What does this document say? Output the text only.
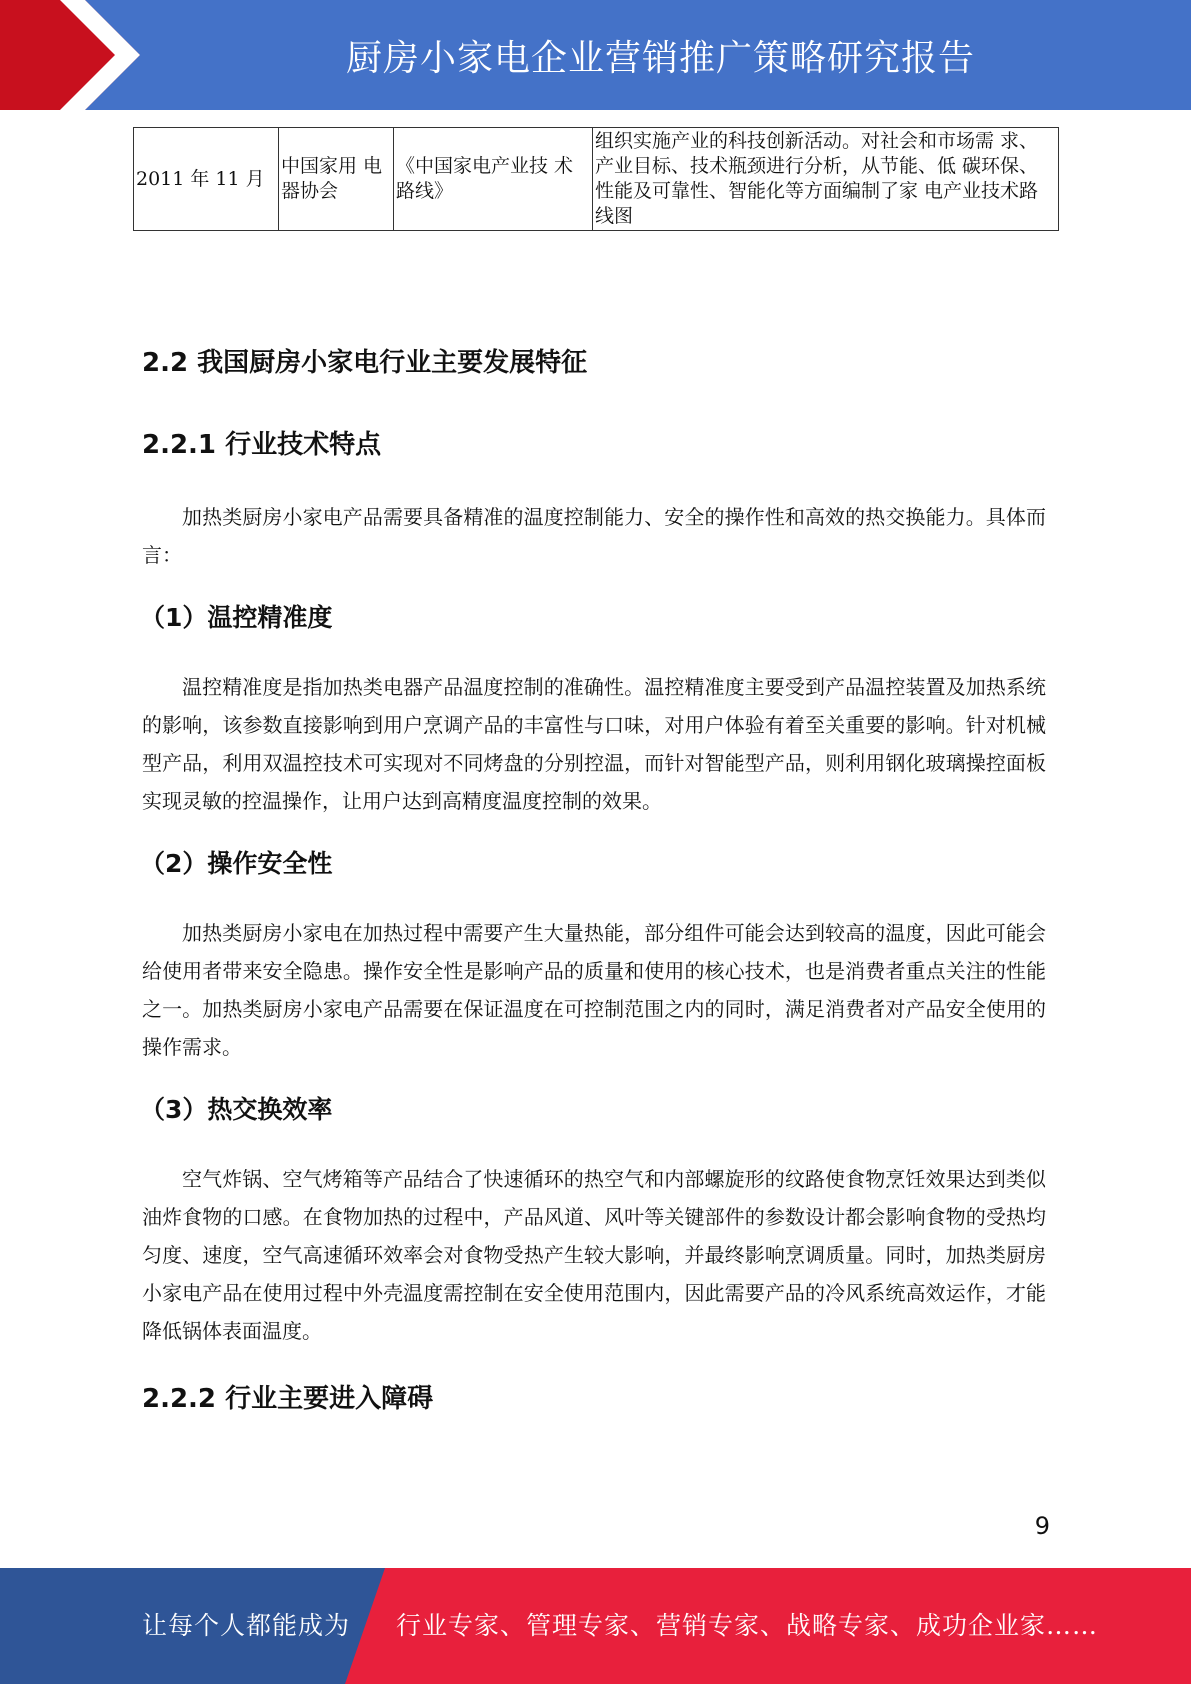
厨房小家电企业营销推广策略研究报告
2011 年 11 月	中国家用 电器协会	《中国家电产业技 术路线》	组织实施产业的科技创新活动。对社会和市场需 求、产业目标、技术瓶颈进行分析，从节能、低 碳环保、性能及可靠性、智能化等方面编制了家 电产业技术路线图
2.2 我国厨房小家电行业主要发展特征
2.2.1 行业技术特点

加热类厨房小家电产品需要具备精准的温度控制能力、安全的操作性和高效的热交换能力。具体而言：

（1）温控精准度

温控精准度是指加热类电器产品温度控制的准确性。温控精准度主要受到产品温控装置及加热系统的影响，该参数直接影响到用户烹调产品的丰富性与口味，对用户体验有着至关重要的影响。针对机械型产品，利用双温控技术可实现对不同烤盘的分别控温，而针对智能型产品，则利用钢化玻璃操控面板实现灵敏的控温操作，让用户达到高精度温度控制的效果。

（2）操作安全性

加热类厨房小家电在加热过程中需要产生大量热能，部分组件可能会达到较高的温度，因此可能会给使用者带来安全隐患。操作安全性是影响产品的质量和使用的核心技术，也是消费者重点关注的性能之一。加热类厨房小家电产品需要在保证温度在可控制范围之内的同时，满足消费者对产品安全使用的操作需求。

（3）热交换效率

空气炸锅、空气烤箱等产品结合了快速循环的热空气和内部螺旋形的纹路使食物烹饪效果达到类似油炸食物的口感。在食物加热的过程中，产品风道、风叶等关键部件的参数设计都会影响食物的受热均匀度、速度，空气高速循环效率会对食物受热产生较大影响，并最终影响烹调质量。同时，加热类厨房小家电产品在使用过程中外壳温度需控制在安全使用范围内，因此需要产品的冷风系统高效运作，才能降低锅体表面温度。

2.2.2 行业主要进入障碍
9
让每个人都能成为 行业专家、管理专家、营销专家、战略专家、成功企业家……
